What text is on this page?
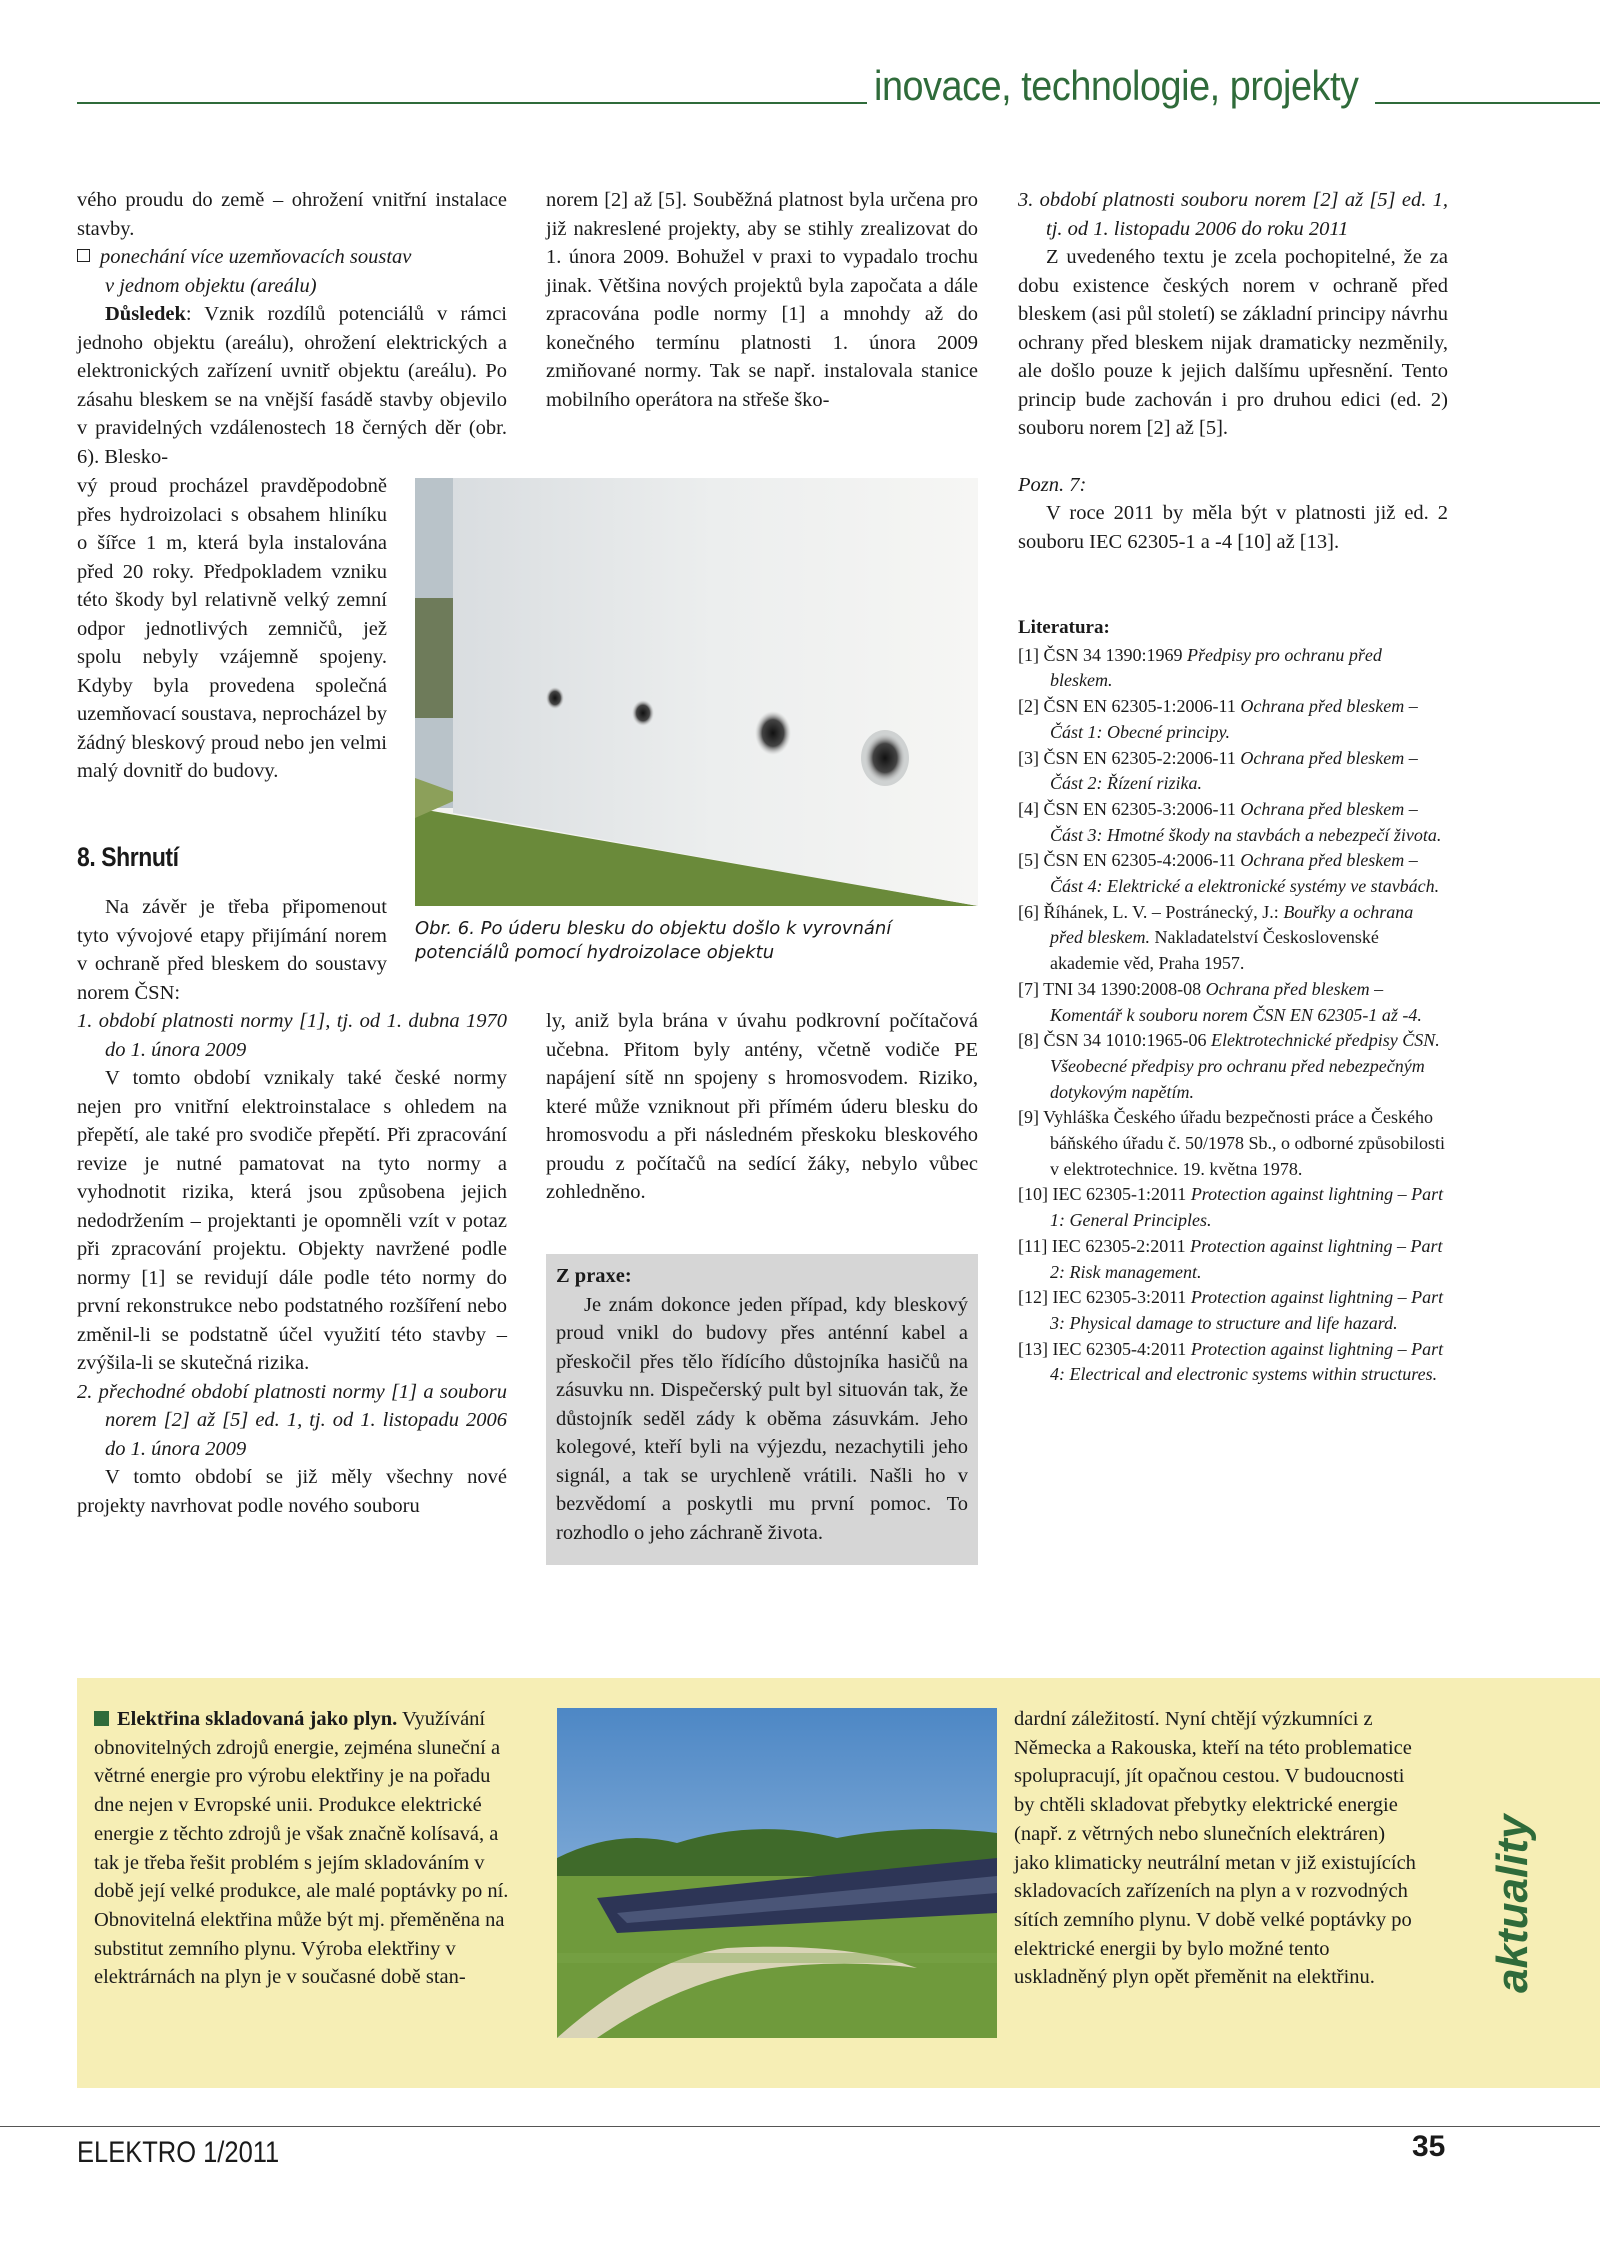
inovace, technologie, projekty

vého proudu do země – ohrožení vnitřní instalace stavby.

ponechání více uzemňovacích soustav

v jednom objektu (areálu)

Důsledek: Vznik rozdílů potenciálů v rámci jednoho objektu (areálu), ohrožení elektrických a elektronických zařízení uvnitř objektu (areálu). Po zásahu bleskem se na vnější fasádě stavby objevilo v pravidelných vzdálenostech 18 černých děr (obr. 6). Blesko-

vý proud procházel pravděpodobně přes hydroizolaci s obsahem hliníku o šířce 1 m, která byla instalována před 20 roky. Předpokladem vzniku této škody byl relativně velký zemní odpor jednotlivých zemničů, jež spolu nebyly vzájemně spojeny. Kdyby byla provedena společná uzemňovací soustava, neprocházel by žádný bleskový proud nebo jen velmi malý dovnitř do budovy.

8. Shrnutí

Na závěr je třeba připomenout tyto vývojové etapy přijímání norem v ochraně před bleskem do soustavy norem ČSN:

1. období platnosti normy [1], tj. od 1. dubna 1970 do 1. února 2009

V tomto období vznikaly také české normy nejen pro vnitřní elektroinstalace s ohledem na přepětí, ale také pro svodiče přepětí. Při zpracování revize je nutné pamatovat na tyto normy a vyhodnotit rizika, která jsou způsobena jejich nedodržením – projektanti je opomněli vzít v potaz při zpracování projektu. Objekty navržené podle normy [1] se revidují dále podle této normy do první rekonstrukce nebo podstatného rozšíření nebo změnil-li se podstatně účel využití této stavby – zvýšila-li se skutečná rizika.

2. přechodné období platnosti normy [1] a souboru norem [2] až [5] ed. 1, tj. od 1. listopadu 2006 do 1. února 2009

V tomto období se již měly všechny nové projekty navrhovat podle nového souboru

norem [2] až [5]. Souběžná platnost byla určena pro již nakreslené projekty, aby se stihly zrealizovat do 1. února 2009. Bohužel v praxi to vypadalo trochu jinak. Většina nových projektů byla započata a dále zpracována podle normy [1] a mnohdy až do konečného termínu platnosti 1. února 2009 zmiňované normy. Tak se např. instalovala stanice mobilního operátora na střeše ško-

Obr. 6. Po úderu blesku do objektu došlo k vyrovnání potenciálů pomocí hydroizolace objektu

ly, aniž byla brána v úvahu podkrovní počítačová učebna. Přitom byly antény, včetně vodiče PE napájení sítě nn spojeny s hromosvodem. Riziko, které může vzniknout při přímém úderu blesku do hromosvodu a při následném přeskoku bleskového proudu z počítačů na sedící žáky, nebylo vůbec zohledněno.

Z praxe:

Je znám dokonce jeden případ, kdy bleskový proud vnikl do budovy přes anténní kabel a přeskočil přes tělo řídícího důstojníka hasičů na zásuvku nn. Dispečerský pult byl situován tak, že důstojník seděl zády k oběma zásuvkám. Jeho kolegové, kteří byli na výjezdu, nezachytili jeho signál, a tak se urychleně vrátili. Našli ho v bezvědomí a poskytli mu první pomoc. To rozhodlo o jeho záchraně života.

3. období platnosti souboru norem [2] až [5] ed. 1, tj. od 1. listopadu 2006 do roku 2011

Z uvedeného textu je zcela pochopitelné, že za dobu existence českých norem v ochraně před bleskem (asi půl století) se základní principy návrhu ochrany před bleskem nijak dramaticky nezměnily, ale došlo pouze k jejich dalšímu upřesnění. Tento princip bude zachován i pro druhou edici (ed. 2) souboru norem [2] až [5].

Pozn. 7:

V roce 2011 by měla být v platnosti již ed. 2 souboru IEC 62305-1 a -4 [10] až [13].

Literatura:

[1] ČSN 34 1390:1969 Předpisy pro ochranu před bleskem.

[2] ČSN EN 62305-1:2006-11 Ochrana před bleskem – Část 1: Obecné principy.

[3] ČSN EN 62305-2:2006-11 Ochrana před bleskem – Část 2: Řízení rizika.

[4] ČSN EN 62305-3:2006-11 Ochrana před bleskem – Část 3: Hmotné škody na stavbách a nebezpečí života.

[5] ČSN EN 62305-4:2006-11 Ochrana před bleskem – Část 4: Elektrické a elektronické systémy ve stavbách.

[6] Říhánek, L. V. – Postránecký, J.: Bouřky a ochrana před bleskem. Nakladatelství Československé akademie věd, Praha 1957.

[7] TNI 34 1390:2008-08 Ochrana před bleskem – Komentář k souboru norem ČSN EN 62305-1 až -4.

[8] ČSN 34 1010:1965-06 Elektrotechnické předpisy ČSN. Všeobecné předpisy pro ochranu před nebezpečným dotykovým napětím.

[9] Vyhláška Českého úřadu bezpečnosti práce a Českého báňského úřadu č. 50/1978 Sb., o odborné způsobilosti v elektrotechnice. 19. května 1978.

[10] IEC 62305-1:2011 Protection against lightning – Part 1: General Principles.

[11] IEC 62305-2:2011 Protection against lightning – Part 2: Risk management.

[12] IEC 62305-3:2011 Protection against lightning – Part 3: Physical damage to structure and life hazard.

[13] IEC 62305-4:2011 Protection against lightning – Part 4: Electrical and electronic systems within structures.

Elektřina skladovaná jako plyn. Využívání obnovitelných zdrojů energie, zejména sluneční a větrné energie pro výrobu elektřiny je na pořadu dne nejen v Evropské unii. Produkce elektrické energie z těchto zdrojů je však značně kolísavá, a tak je třeba řešit problém s jejím skladováním v době její velké produkce, ale malé poptávky po ní. Obnovitelná elektřina může být mj. přeměněna na substitut zemního plynu. Výroba elektřiny v elektrárnách na plyn je v současné době stan-

dardní záležitostí. Nyní chtějí výzkumníci z Německa a Rakouska, kteří na této problematice spolupracují, jít opačnou cestou. V budoucnosti by chtěli skladovat přebytky elektrické energie (např. z větrných nebo slunečních elektráren) jako klimaticky neutrální metan v již existujících skladovacích zařízeních na plyn a v rozvodných sítích zemního plynu. V době velké poptávky po elektrické energii by bylo možné tento uskladněný plyn opět přeměnit na elektřinu.	aktuality
ELEKTRO 1/2011	35
